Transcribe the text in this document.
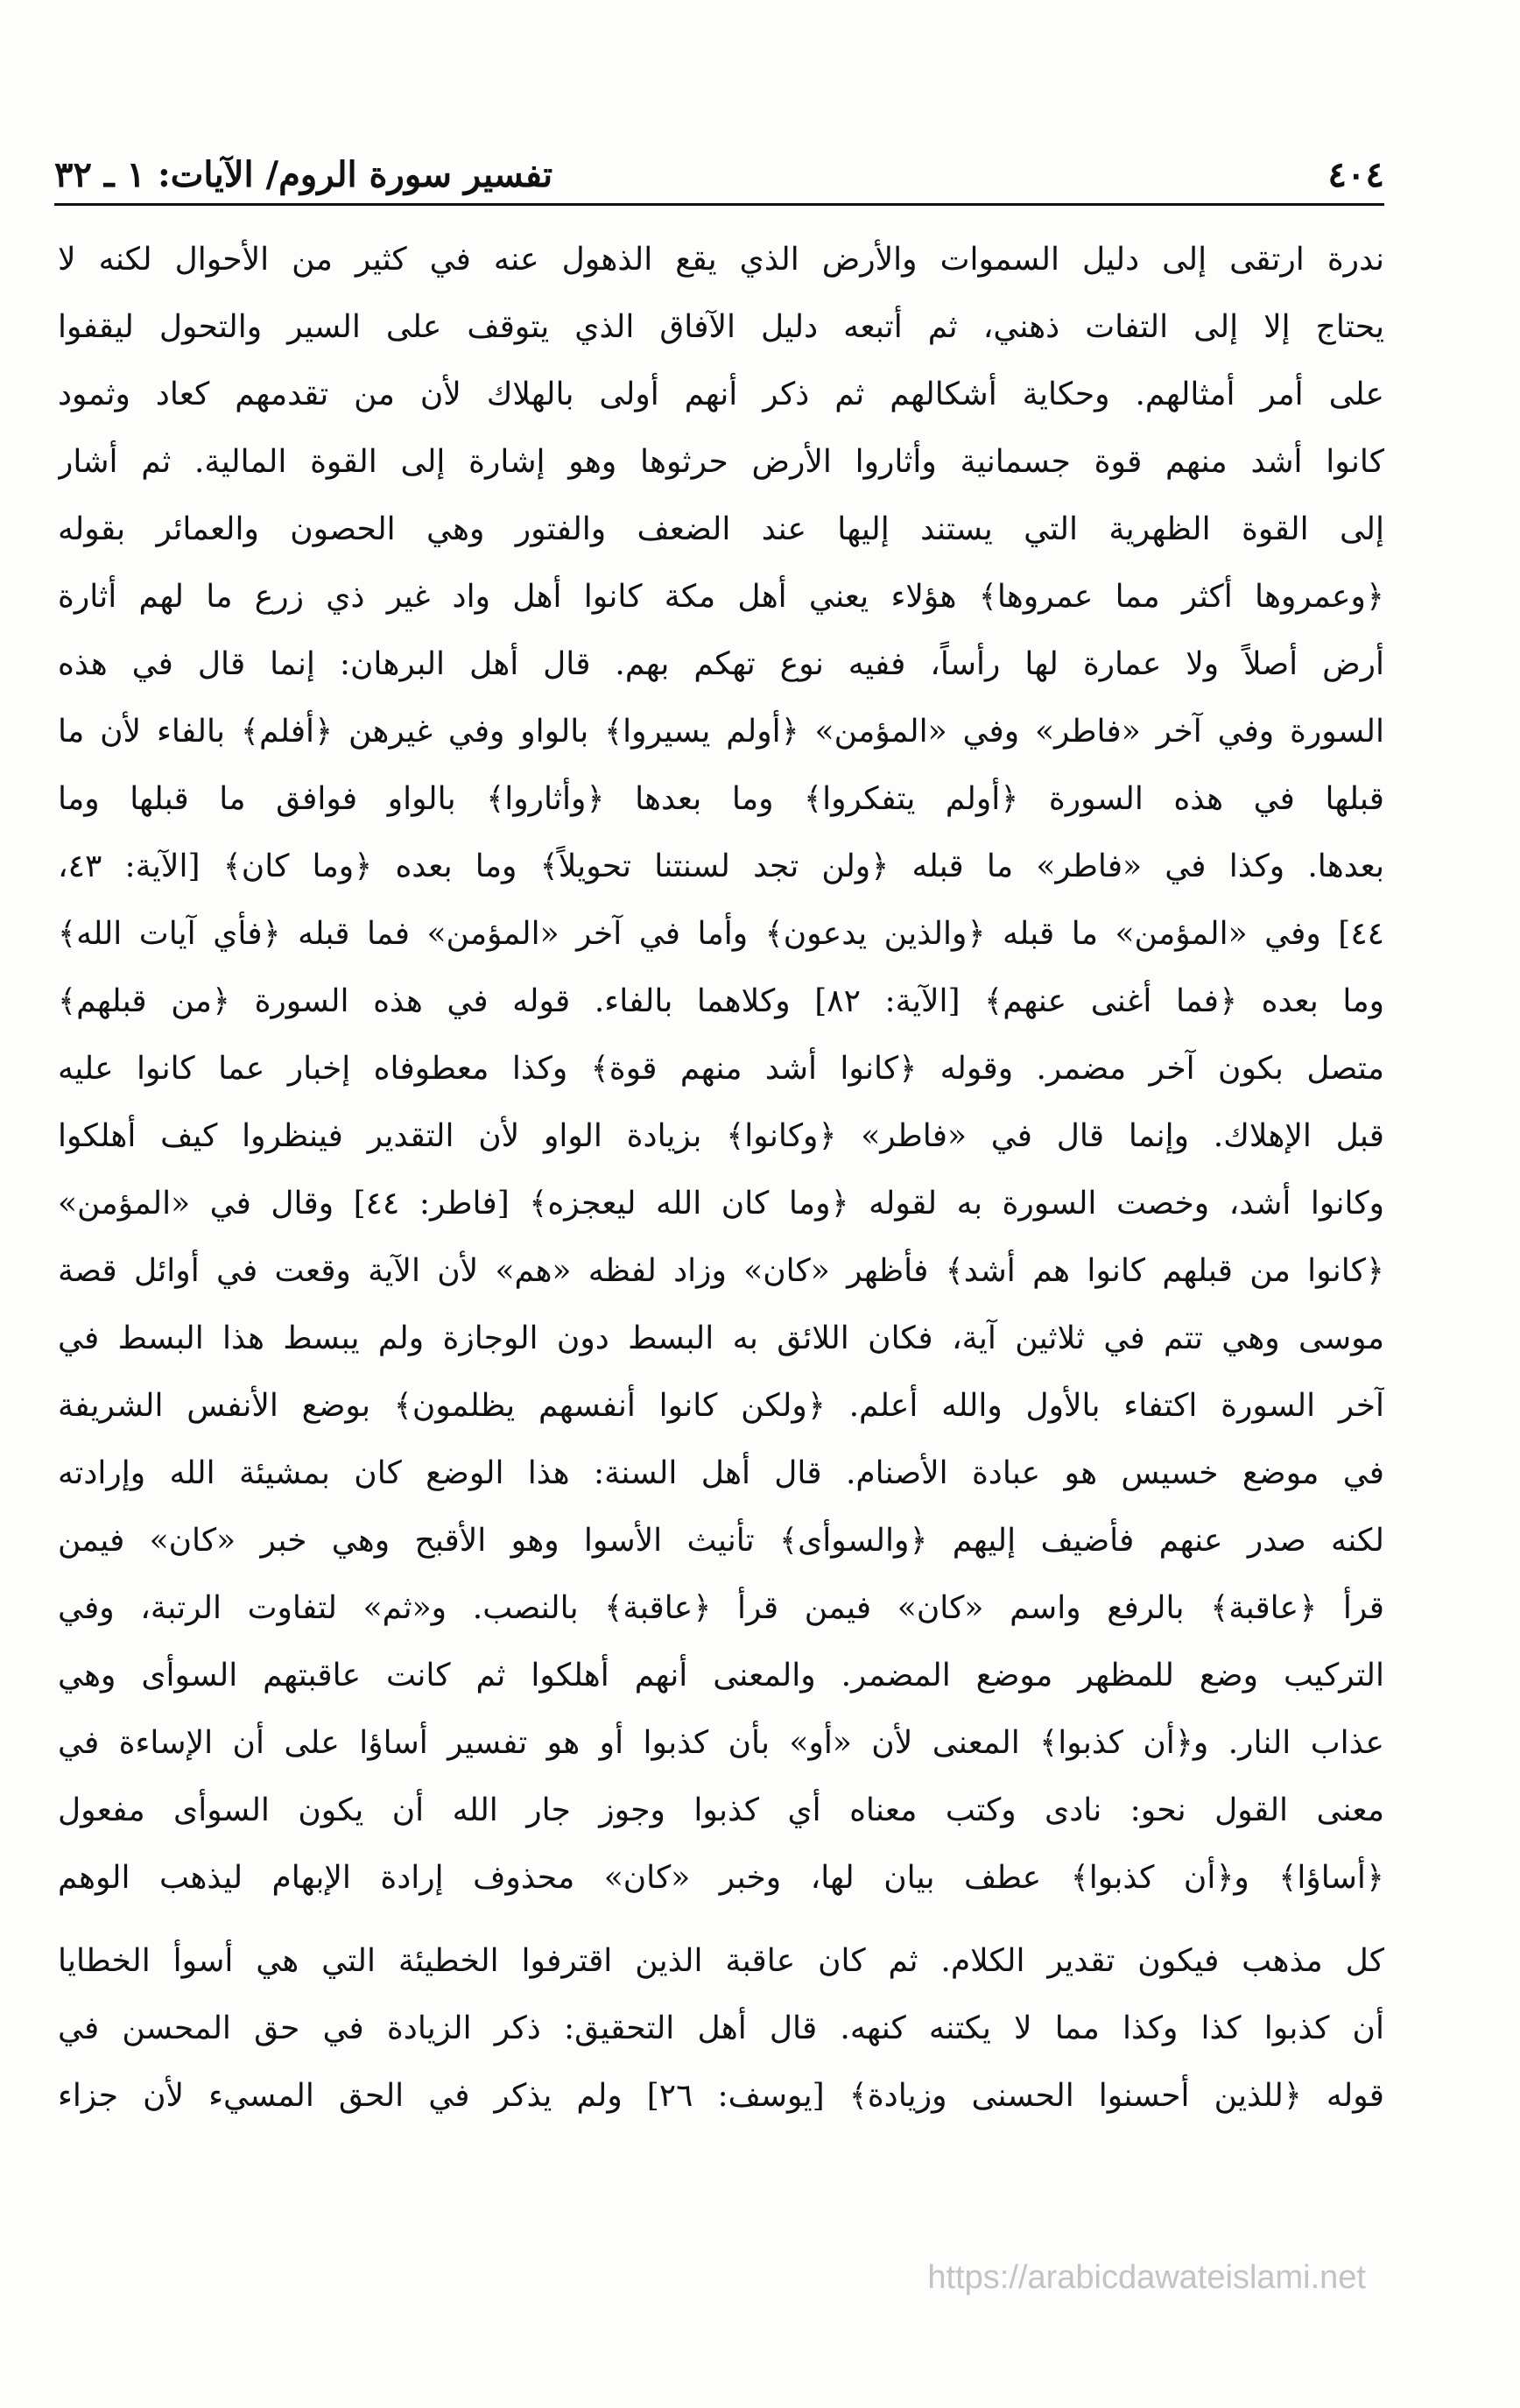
٤٠٤
تفسير سورة الروم/ الآيات: ١ ـ ٣٢
ندرة ارتقى إلى دليل السموات والأرض الذي يقع الذهول عنه في كثير من الأحوال لكنه لا
يحتاج إلا إلى التفات ذهني، ثم أتبعه دليل الآفاق الذي يتوقف على السير والتحول ليقفوا
على أمر أمثالهم. وحكاية أشكالهم ثم ذكر أنهم أولى بالهلاك لأن من تقدمهم كعاد وثمود
كانوا أشد منهم قوة جسمانية وأثاروا الأرض حرثوها وهو إشارة إلى القوة المالية. ثم أشار
إلى القوة الظهرية التي يستند إليها عند الضعف والفتور وهي الحصون والعمائر بقوله
﴿وعمروها أكثر مما عمروها﴾ هؤلاء يعني أهل مكة كانوا أهل واد غير ذي زرع ما لهم أثارة
أرض أصلاً ولا عمارة لها رأساً، ففيه نوع تهكم بهم. قال أهل البرهان: إنما قال في هذه
السورة وفي آخر «فاطر» وفي «المؤمن» ﴿أولم يسيروا﴾ بالواو وفي غيرهن ﴿أفلم﴾ بالفاء لأن ما
قبلها في هذه السورة ﴿أولم يتفكروا﴾ وما بعدها ﴿وأثاروا﴾ بالواو فوافق ما قبلها وما
بعدها. وكذا في «فاطر» ما قبله ﴿ولن تجد لسنتنا تحويلاً﴾ وما بعده ﴿وما كان﴾ [الآية: ٤٣،
٤٤] وفي «المؤمن» ما قبله ﴿والذين يدعون﴾ وأما في آخر «المؤمن» فما قبله ﴿فأي آيات الله﴾
وما بعده ﴿فما أغنى عنهم﴾ [الآية: ٨٢] وكلاهما بالفاء. قوله في هذه السورة ﴿من قبلهم﴾
متصل بكون آخر مضمر. وقوله ﴿كانوا أشد منهم قوة﴾ وكذا معطوفاه إخبار عما كانوا عليه
قبل الإهلاك. وإنما قال في «فاطر» ﴿وكانوا﴾ بزيادة الواو لأن التقدير فينظروا كيف أهلكوا
وكانوا أشد، وخصت السورة به لقوله ﴿وما كان الله ليعجزه﴾ [فاطر: ٤٤] وقال في «المؤمن»
﴿كانوا من قبلهم كانوا هم أشد﴾ فأظهر «كان» وزاد لفظه «هم» لأن الآية وقعت في أوائل قصة
موسى وهي تتم في ثلاثين آية، فكان اللائق به البسط دون الوجازة ولم يبسط هذا البسط في
آخر السورة اكتفاء بالأول والله أعلم. ﴿ولكن كانوا أنفسهم يظلمون﴾ بوضع الأنفس الشريفة
في موضع خسيس هو عبادة الأصنام. قال أهل السنة: هذا الوضع كان بمشيئة الله وإرادته
لكنه صدر عنهم فأضيف إليهم ﴿والسوأى﴾ تأنيث الأسوا وهو الأقبح وهي خبر «كان» فيمن
قرأ ﴿عاقبة﴾ بالرفع واسم «كان» فيمن قرأ ﴿عاقبة﴾ بالنصب. و«ثم» لتفاوت الرتبة، وفي
التركيب وضع للمظهر موضع المضمر. والمعنى أنهم أهلكوا ثم كانت عاقبتهم السوأى وهي
عذاب النار. و﴿أن كذبوا﴾ المعنى لأن «أو» بأن كذبوا أو هو تفسير أساؤا على أن الإساءة في
معنى القول نحو: نادى وكتب معناه أي كذبوا وجوز جار الله أن يكون السوأى مفعول
﴿أساؤا﴾ و﴿أن كذبوا﴾ عطف بيان لها، وخبر «كان» محذوف إرادة الإبهام ليذهب الوهم
كل مذهب فيكون تقدير الكلام. ثم كان عاقبة الذين اقترفوا الخطيئة التي هي أسوأ الخطايا
أن كذبوا كذا وكذا مما لا يكتنه كنهه. قال أهل التحقيق: ذكر الزيادة في حق المحسن في
قوله ﴿للذين أحسنوا الحسنى وزيادة﴾ [يوسف: ٢٦] ولم يذكر في الحق المسيء لأن جزاء
https://arabicdawateislami.net
